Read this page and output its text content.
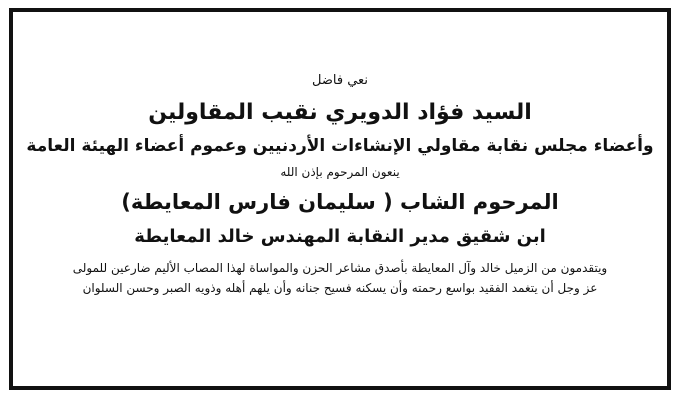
نعي فاضل
السيد فؤاد الدويري نقيب المقاولين
وأعضاء مجلس نقابة مقاولي الإنشاءات الأردنيين وعموم أعضاء الهيئة العامة
ينعون المرحوم بإذن الله
المرحوم الشاب ( سليمان فارس المعايطة)
ابن شقيق مدير النقابة المهندس خالد المعايطة
ويتقدمون من الزميل خالد وآل المعايطة بأصدق مشاعر الحزن والمواساة لهذا المصاب الأليم ضارعين للمولى
عز وجل أن يتغمد الفقيد بواسع رحمته وأن يسكنه فسيح جنانه وأن يلهم أهله وذويه الصبر وحسن السلوان
